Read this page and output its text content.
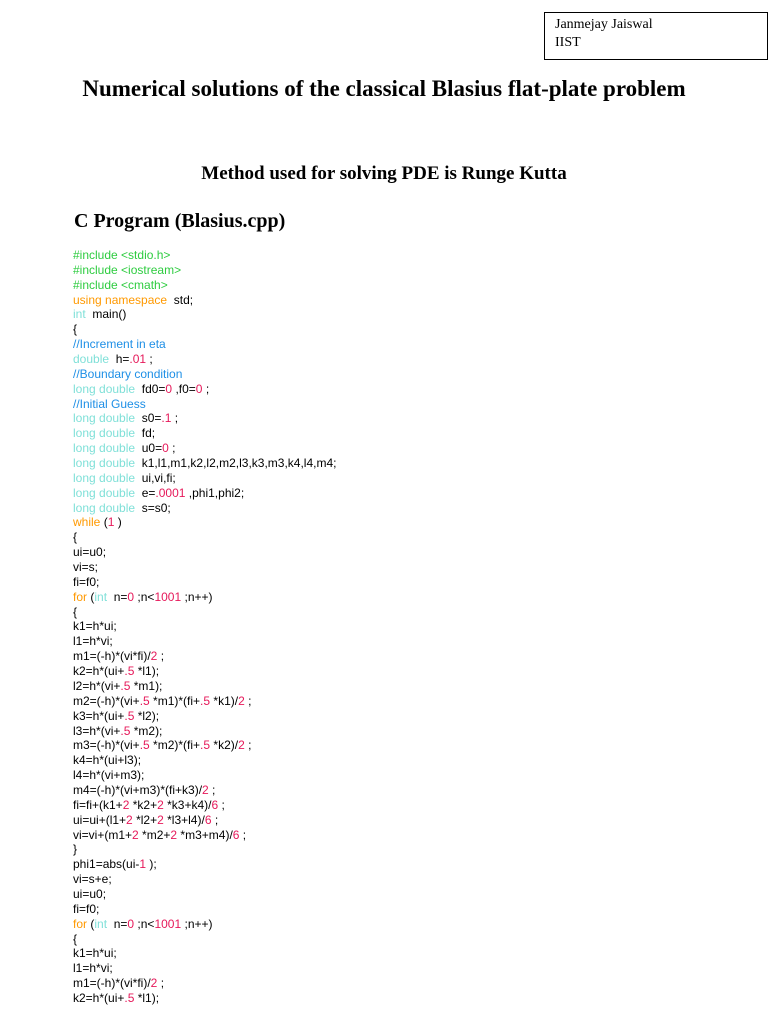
Janmejay Jaiswal
IIST
Numerical solutions of the classical Blasius flat-plate problem
Method used for solving PDE is Runge Kutta
C Program (Blasius.cpp)
#include <stdio.h>
#include <iostream>
#include <cmath>
using namespace  std;
int  main()
{
//Increment in eta
double  h=.01 ;
//Boundary condition
long double  fd0=0 ,f0=0 ;
//Initial Guess
long double  s0=.1 ;
long double  fd;
long double  u0=0 ;
long double  k1,l1,m1,k2,l2,m2,l3,k3,m3,k4,l4,m4;
long double  ui,vi,fi;
long double  e=.0001 ,phi1,phi2;
long double  s=s0;
while (1 )
{
ui=u0;
vi=s;
fi=f0;
for (int  n=0 ;n<1001 ;n++)
{
k1=h*ui;
l1=h*vi;
m1=(-h)*(vi*fi)/2 ;
k2=h*(ui+.5 *l1);
l2=h*(vi+.5 *m1);
m2=(-h)*(vi+.5 *m1)*(fi+.5 *k1)/2 ;
k3=h*(ui+.5 *l2);
l3=h*(vi+.5 *m2);
m3=(-h)*(vi+.5 *m2)*(fi+.5 *k2)/2 ;
k4=h*(ui+l3);
l4=h*(vi+m3);
m4=(-h)*(vi+m3)*(fi+k3)/2 ;
fi=fi+(k1+2 *k2+2 *k3+k4)/6 ;
ui=ui+(l1+2 *l2+2 *l3+l4)/6 ;
vi=vi+(m1+2 *m2+2 *m3+m4)/6 ;
}
phi1=abs(ui-1 );
vi=s+e;
ui=u0;
fi=f0;
for (int  n=0 ;n<1001 ;n++)
{
k1=h*ui;
l1=h*vi;
m1=(-h)*(vi*fi)/2 ;
k2=h*(ui+.5 *l1);
